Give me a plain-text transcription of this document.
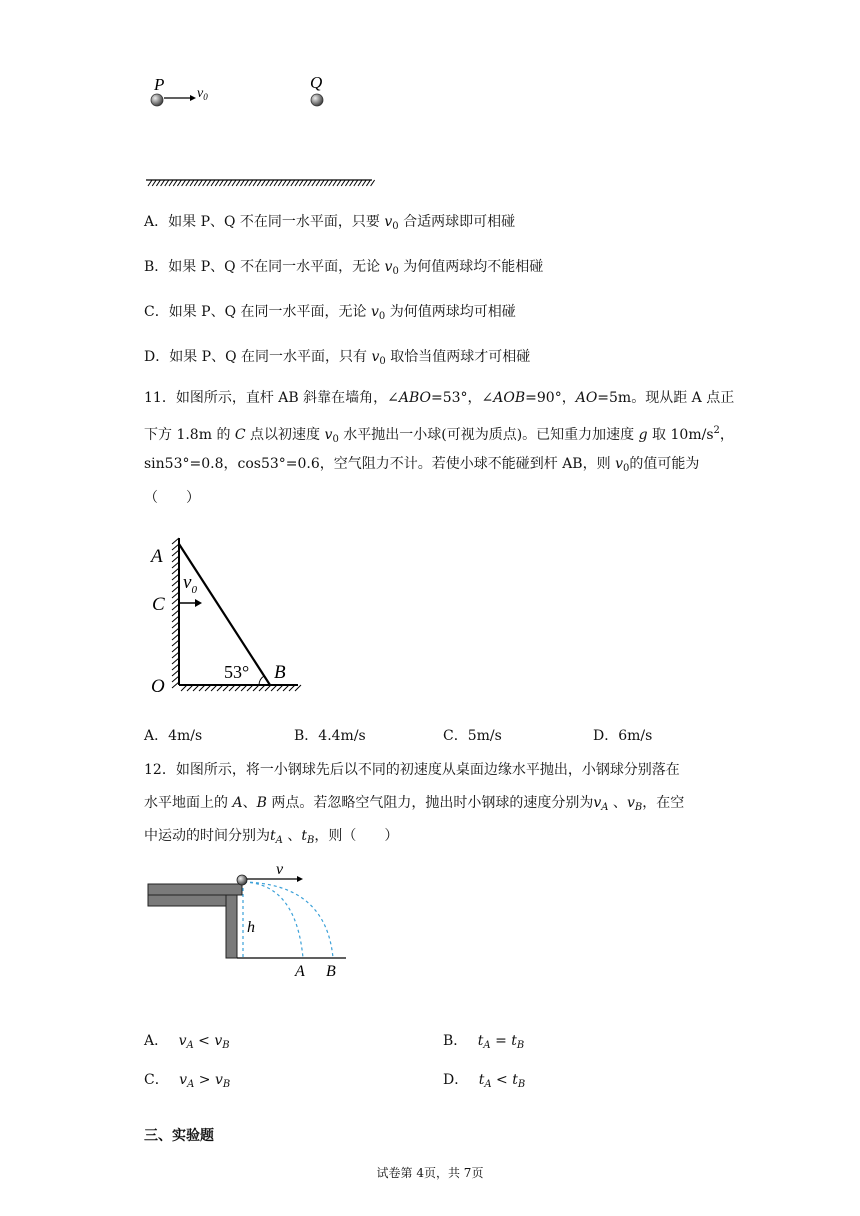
P $v_0$
Q
A．如果 P、Q 不在同一水平面，只要 $v_0$ 合适两球即可相碰
B．如果 P、Q 不在同一水平面，无论 $v_0$ 为何值两球均不能相碰
C．如果 P、Q 在同一水平面，无论 $v_0$ 为何值两球均可相碰
D．如果 P、Q 在同一水平面，只有 $v_0$ 取恰当值两球才可相碰
11．如图所示，直杆 AB 斜靠在墙角，∠ABO=53°，∠AOB=90°，AO=5m。现从距 A 点正
下方 1.8m 的 C 点以初速度 $v_0$ 水平抛出一小球(可视为质点)。已知重力加速度 g 取 $10m/s^2$，
sin53°=0.8，cos53°=0.6，空气阻力不计。若使小球不能碰到杆 AB，则 $v_0$的值可能为
（　　）
A
$v_0$
C
O
53° B
A．4m/s	B．4.4m/s	C．5m/s	D．6m/s
12．如图所示，将一小钢球先后以不同的初速度从桌面边缘水平抛出，小钢球分别落在
水平地面上的 A、B 两点。若忽略空气阻力，抛出时小钢球的速度分别为$v_A$ 、$v_B$，在空
中运动的时间分别为$t_A$ 、$t_B$，则（　　）
v
h
A B
A． $v_A < v_B$	B． $t_A = t_B$
C． $v_A > v_B$	D． $t_A < t_B$
三、实验题
试卷第 4页，共 7页
